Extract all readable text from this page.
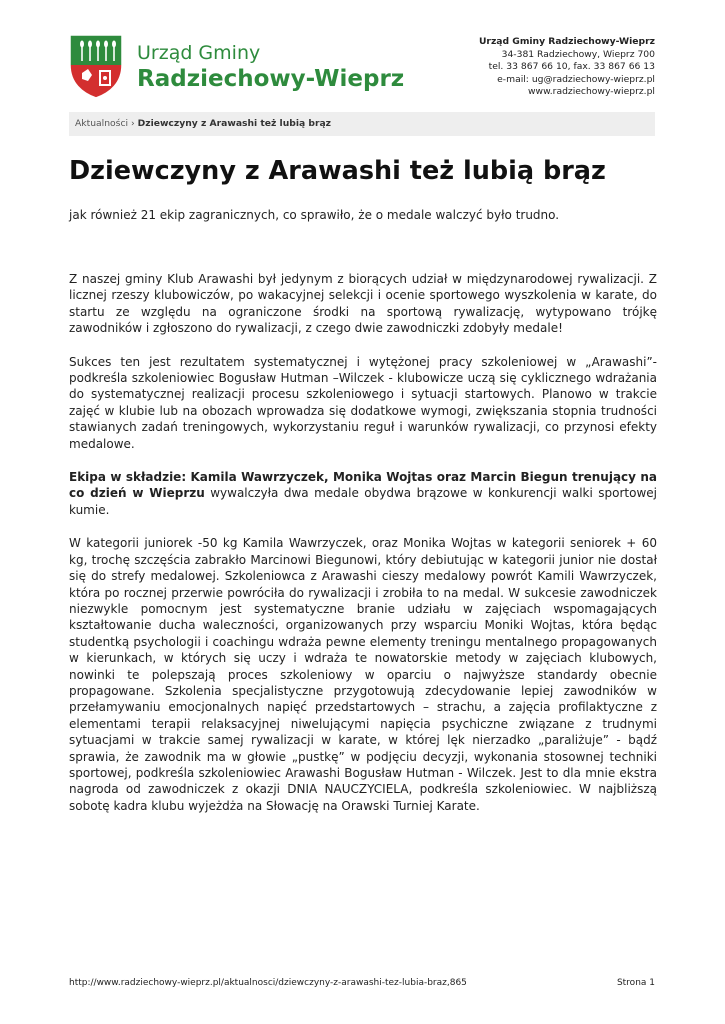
Urząd Gminy
Radziechowy-Wieprz
Urząd Gminy Radziechowy-Wieprz
34-381 Radziechowy, Wieprz 700
tel. 33 867 66 10, fax. 33 867 66 13
e-mail: ug@radziechowy-wieprz.pl
www.radziechowy-wieprz.pl
Aktualności › Dziewczyny z Arawashi też lubią brąz
Dziewczyny z Arawashi też lubią brąz

jak również 21 ekip zagranicznych, co sprawiło, że o medale walczyć było trudno.

Z naszej gminy Klub Arawashi był jedynym z biorących udział w międzynarodowej rywalizacji. Z licznej rzeszy klubowiczów, po wakacyjnej selekcji i ocenie sportowego wyszkolenia w karate, do startu ze względu na ograniczone środki na sportową rywalizację, wytypowano trójkę zawodników i zgłoszono do rywalizacji, z czego dwie zawodniczki zdobyły medale!

Sukces ten jest rezultatem systematycznej i wytężonej pracy szkoleniowej w „Arawashi”- podkreśla szkoleniowiec Bogusław Hutman –Wilczek - klubowicze uczą się cyklicznego wdrażania do systematycznej realizacji procesu szkoleniowego i sytuacji startowych. Planowo w trakcie zajęć w klubie lub na obozach wprowadza się dodatkowe wymogi, zwiększania stopnia trudności stawianych zadań treningowych, wykorzystaniu reguł i warunków rywalizacji, co przynosi efekty medalowe.

Ekipa w składzie: Kamila Wawrzyczek, Monika Wojtas oraz Marcin Biegun trenujący na co dzień w Wieprzu wywalczyła dwa medale obydwa brązowe w konkurencji walki sportowej kumie.

W kategorii juniorek -50 kg Kamila Wawrzyczek, oraz Monika Wojtas w kategorii seniorek + 60 kg, trochę szczęścia zabrakło Marcinowi Biegunowi, który debiutując w kategorii junior nie dostał się do strefy medalowej. Szkoleniowca z Arawashi cieszy medalowy powrót Kamili Wawrzyczek, która po rocznej przerwie powróciła do rywalizacji i zrobiła to na medal. W sukcesie zawodniczek niezwykle pomocnym jest systematyczne branie udziału w zajęciach wspomagających kształtowanie ducha waleczności, organizowanych przy wsparciu Moniki Wojtas, która będąc studentką psychologii i coachingu wdraża pewne elementy treningu mentalnego propagowanych w kierunkach, w których się uczy i wdraża te nowatorskie metody w zajęciach klubowych, nowinki te polepszają proces szkoleniowy w oparciu o najwyższe standardy obecnie propagowane. Szkolenia specjalistyczne przygotowują zdecydowanie lepiej zawodników w przełamywaniu emocjonalnych napięć przedstartowych – strachu, a zajęcia profilaktyczne z elementami terapii relaksacyjnej niwelującymi napięcia psychiczne związane z trudnymi sytuacjami w trakcie samej rywalizacji w karate, w której lęk nierzadko „paraliżuje” - bądź sprawia, że zawodnik ma w głowie „pustkę” w podjęciu decyzji, wykonania stosownej techniki sportowej, podkreśla szkoleniowiec Arawashi Bogusław Hutman - Wilczek. Jest to dla mnie ekstra nagroda od zawodniczek z okazji DNIA NAUCZYCIELA, podkreśla szkoleniowiec. W najbliższą sobotę kadra klubu wyjeżdża na Słowację na Orawski Turniej Karate.

http://www.radziechowy-wieprz.pl/aktualnosci/dziewczyny-z-arawashi-tez-lubia-braz,865	Strona 1
